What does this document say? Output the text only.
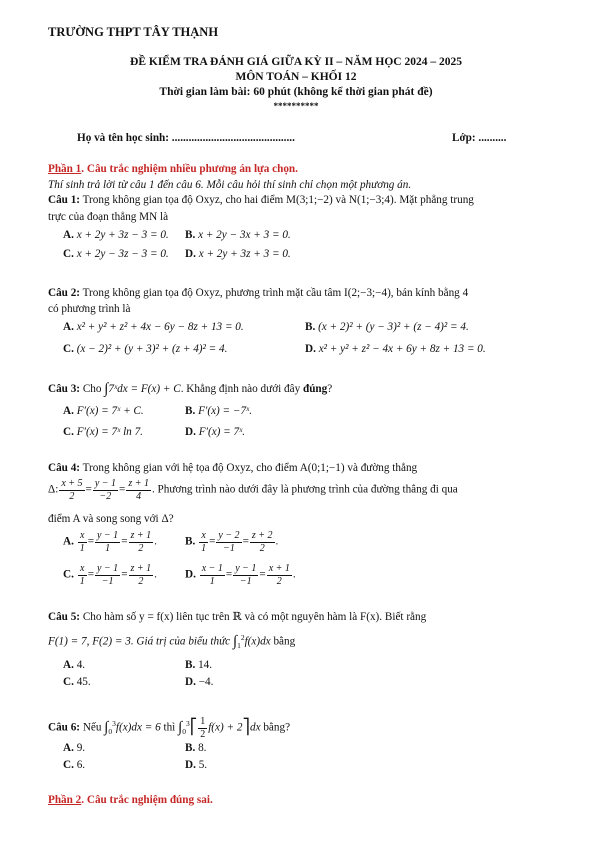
TRƯỜNG THPT TÂY THẠNH
ĐỀ KIỂM TRA ĐÁNH GIÁ GIỮA KỲ II – NĂM HỌC 2024 – 2025
MÔN TOÁN – KHỐI 12
Thời gian làm bài: 60 phút (không kể thời gian phát đề)
**********
Họ và tên học sinh: ............................................	Lớp: ..........
Phần 1. Câu trắc nghiệm nhiều phương án lựa chọn.
Thí sinh trả lời từ câu 1 đến câu 6. Mỗi câu hỏi thí sinh chỉ chọn một phương án.
Câu 1: Trong không gian tọa độ Oxyz, cho hai điểm M(3;1;−2) và N(1;−3;4). Mặt phẳng trung
trực của đoạn thẳng MN là
A. x + 2y + 3z − 3 = 0. B. x + 2y − 3x + 3 = 0.
C. x + 2y − 3z − 3 = 0. D. x + 2y + 3z + 3 = 0.
Câu 2: Trong không gian tọa độ Oxyz, phương trình mặt cầu tâm I(2;−3;−4), bán kính bằng 4
có phương trình là
A. x² + y² + z² + 4x − 6y − 8z + 13 = 0.	B. (x + 2)² + (y − 3)² + (z − 4)² = 4.
C. (x − 2)² + (y + 3)² + (z + 4)² = 4.	D. x² + y² + z² − 4x + 6y + 8z + 13 = 0.
Câu 3: Cho ∫7ˣdx = F(x) + C. Khẳng định nào dưới đây đúng?
A. F′(x) = 7ˣ + C.	B. F′(x) = −7ˣ.
C. F′(x) = 7ˣ ln 7.	D. F′(x) = 7ˣ.
Câu 4: Trong không gian với hệ tọa độ Oxyz, cho điểm A(0;1;−1) và đường thẳng
Δ: $\frac{x + 5}{2} = \frac{y - 1}{-2} = \frac{z + 1}{4}$ . Phương trình nào dưới đây là phương trình của đường thẳng đi qua
điểm A và song song với Δ?
A. $\frac{x}{1} = \frac{y - 1}{1} = \frac{z + 1}{2}$ .	B. $\frac{x}{1} = \frac{y - 2}{-1} = \frac{z + 2}{2}$ .
C. $\frac{x}{1} = \frac{y - 1}{-1} = \frac{z + 1}{2}$ .	D. $\frac{x - 1}{1} = \frac{y - 1}{-1} = \frac{x + 1}{2}$ .
Câu 5: Cho hàm số y = f(x) liên tục trên ℝ và có một nguyên hàm là F(x). Biết rằng
F(1) = 7, F(2) = 3. Giá trị của biểu thức $\int_1^2f(x)dx$ bằng
A. 4.	B. 14.
C. 45.	D. −4.
Câu 6: Nếu $\int_0^3f(x)dx = 6$ thì $\int_0^3⎡ \frac{1}{2} f(x)$ + 2⎤dx bằng?
A. 9.	B. 8.
C. 6.	D. 5.
Phần 2. Câu trắc nghiệm đúng sai.
